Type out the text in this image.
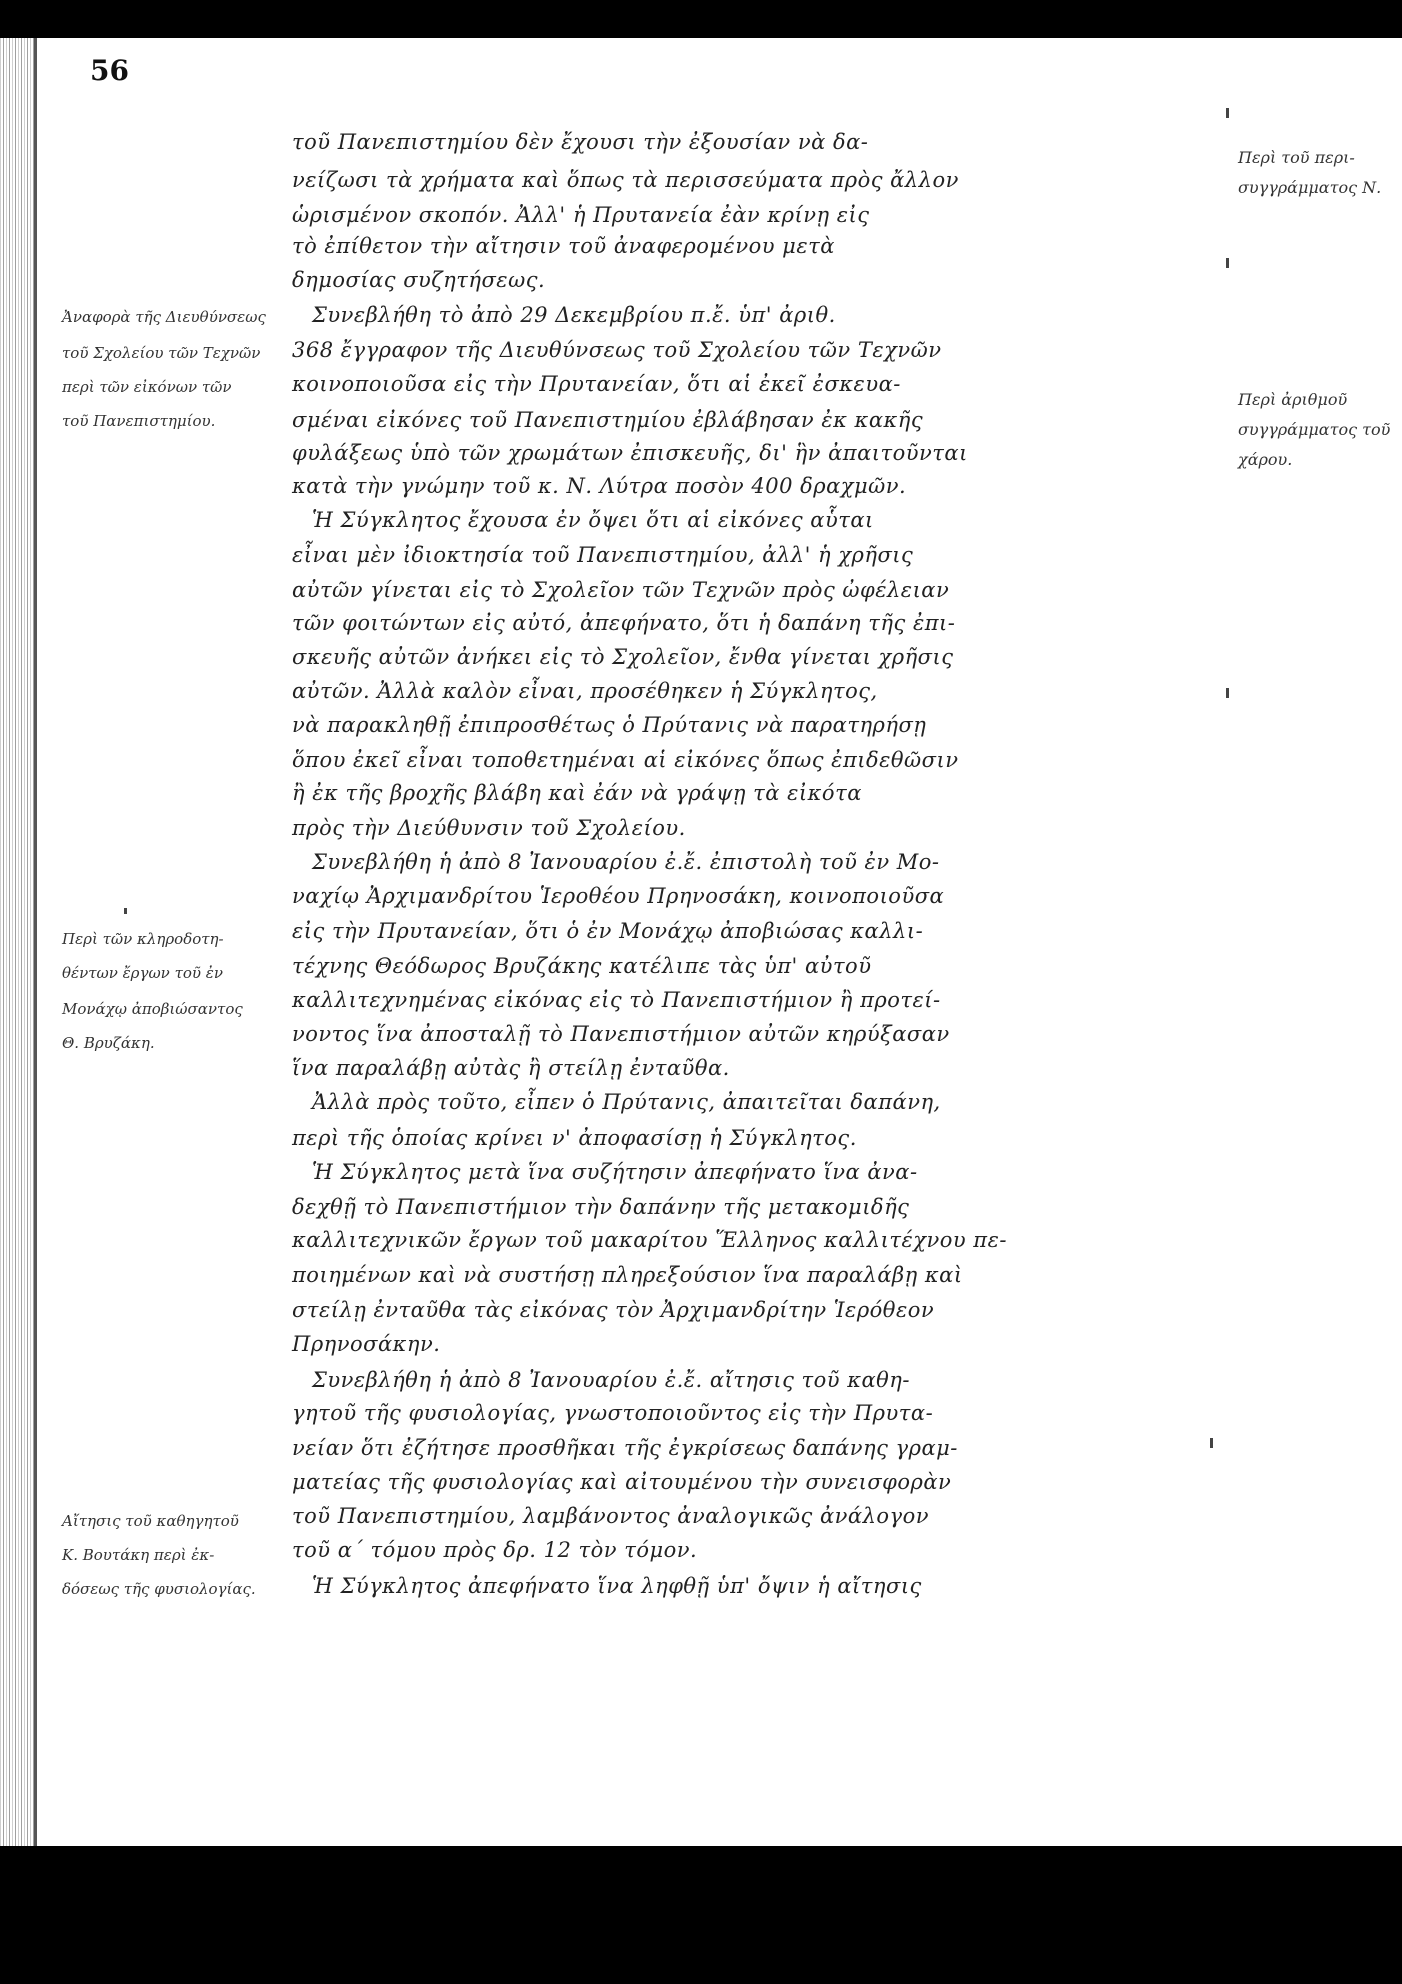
56
τοῦ Πανεπιστημίου δὲν ἔχουσι τὴν ἐξουσίαν νὰ δα-
νείζωσι τὰ χρήματα καὶ ὅπως τὰ περισσεύματα πρὸς ἄλλον
ὡρισμένον σκοπόν. Ἀλλ' ἡ Πρυτανεία ἐὰν κρίνῃ εἰς
τὸ ἐπίθετον τὴν αἴτησιν τοῦ ἀναφερομένου μετὰ
δημοσίας συζητήσεως.
Συνεβλήθη τὸ ἀπὸ 29 Δεκεμβρίου π.ἔ. ὑπ' ἀριθ.
368 ἔγγραφον τῆς Διευθύνσεως τοῦ Σχολείου τῶν Τεχνῶν
κοινοποιοῦσα εἰς τὴν Πρυτανείαν, ὅτι αἱ ἐκεῖ ἐσκευα-
σμέναι εἰκόνες τοῦ Πανεπιστημίου ἐβλάβησαν ἐκ κακῆς
φυλάξεως ὑπὸ τῶν χρωμάτων ἐπισκευῆς, δι' ἣν ἀπαιτοῦνται
κατὰ τὴν γνώμην τοῦ κ. Ν. Λύτρα ποσὸν 400 δραχμῶν.
Ἡ Σύγκλητος ἔχουσα ἐν ὄψει ὅτι αἱ εἰκόνες αὗται
εἶναι μὲν ἰδιοκτησία τοῦ Πανεπιστημίου, ἀλλ' ἡ χρῆσις
αὐτῶν γίνεται εἰς τὸ Σχολεῖον τῶν Τεχνῶν πρὸς ὠφέλειαν
τῶν φοιτώντων εἰς αὐτό, ἀπεφήνατο, ὅτι ἡ δαπάνη τῆς ἐπι-
σκευῆς αὐτῶν ἀνήκει εἰς τὸ Σχολεῖον, ἔνθα γίνεται χρῆσις
αὐτῶν. Ἀλλὰ καλὸν εἶναι, προσέθηκεν ἡ Σύγκλητος,
νὰ παρακληθῇ ἐπιπροσθέτως ὁ Πρύτανις νὰ παρατηρήσῃ
ὅπου ἐκεῖ εἶναι τοποθετημέναι αἱ εἰκόνες ὅπως ἐπιδεθῶσιν
ἢ ἐκ τῆς βροχῆς βλάβη καὶ ἐάν νὰ γράψῃ τὰ εἰκότα
πρὸς τὴν Διεύθυνσιν τοῦ Σχολείου.
Συνεβλήθη ἡ ἀπὸ 8 Ἰανουαρίου ἐ.ἔ. ἐπιστολὴ τοῦ ἐν Μο-
ναχίῳ Ἀρχιμανδρίτου Ἱεροθέου Πρηνοσάκη, κοινοποιοῦσα
εἰς τὴν Πρυτανείαν, ὅτι ὁ ἐν Μονάχῳ ἀποβιώσας καλλι-
τέχνης Θεόδωρος Βρυζάκης κατέλιπε τὰς ὑπ' αὐτοῦ
καλλιτεχνημένας εἰκόνας εἰς τὸ Πανεπιστήμιον ἢ προτεί-
νοντος ἵνα ἀποσταλῇ τὸ Πανεπιστήμιον αὐτῶν κηρύξασαν
ἵνα παραλάβῃ αὐτὰς ἢ στείλῃ ἐνταῦθα.
Ἀλλὰ πρὸς τοῦτο, εἶπεν ὁ Πρύτανις, ἀπαιτεῖται δαπάνη,
περὶ τῆς ὁποίας κρίνει ν' ἀποφασίσῃ ἡ Σύγκλητος.
Ἡ Σύγκλητος μετὰ ἵνα συζήτησιν ἀπεφήνατο ἵνα ἀνα-
δεχθῇ τὸ Πανεπιστήμιον τὴν δαπάνην τῆς μετακομιδῆς
καλλιτεχνικῶν ἔργων τοῦ μακαρίτου Ἕλληνος καλλιτέχνου πε-
ποιημένων καὶ νὰ συστήσῃ πληρεξούσιον ἵνα παραλάβῃ καὶ
στείλῃ ἐνταῦθα τὰς εἰκόνας τὸν Ἀρχιμανδρίτην Ἱερόθεον
Πρηνοσάκην.
Συνεβλήθη ἡ ἀπὸ 8 Ἰανουαρίου ἐ.ἔ. αἴτησις τοῦ καθη-
γητοῦ τῆς φυσιολογίας, γνωστοποιοῦντος εἰς τὴν Πρυτα-
νείαν ὅτι ἐζήτησε προσθῆκαι τῆς ἐγκρίσεως δαπάνης γραμ-
ματείας τῆς φυσιολογίας καὶ αἰτουμένου τὴν συνεισφορὰν
τοῦ Πανεπιστημίου, λαμβάνοντος ἀναλογικῶς ἀνάλογον
τοῦ α΄ τόμου πρὸς δρ. 12 τὸν τόμον.
Ἡ Σύγκλητος ἀπεφήνατο ἵνα ληφθῇ ὑπ' ὄψιν ἡ αἴτησις
Ἀναφορὰ τῆς Διευθύνσεως
τοῦ Σχολείου τῶν Τεχνῶν
περὶ τῶν εἰκόνων τῶν
τοῦ Πανεπιστημίου.
Περὶ τῶν κληροδοτη-
θέντων ἔργων τοῦ ἐν
Μονάχῳ ἀποβιώσαντος
Θ. Βρυζάκη.
Αἴτησις τοῦ καθηγητοῦ
Κ. Βουτάκη περὶ ἐκ-
δόσεως τῆς φυσιολογίας.
Περὶ τοῦ περι-
συγγράμματος Ν.
Περὶ ἀριθμοῦ
συγγράμματος τοῦ
χάρου.
